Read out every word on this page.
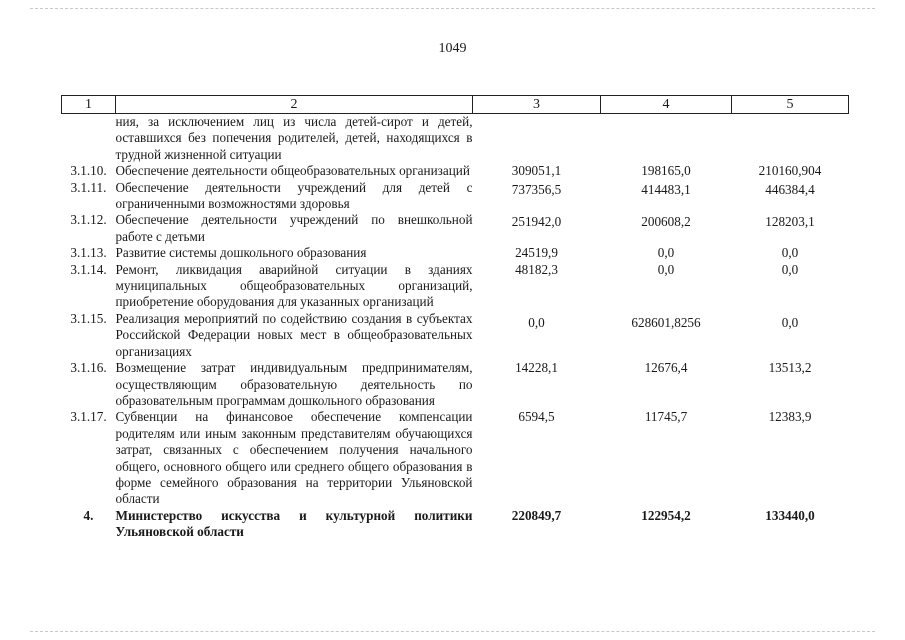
1049
1	2	3	4	5
	ния, за исключением лиц из числа детей-сирот и детей, оставшихся без попечения родителей, детей, находящихся в трудной жизненной ситуации			
3.1.10.	Обеспечение деятельности общеобразовательных организаций	309051,1	198165,0	210160,904
3.1.11.	Обеспечение деятельности учреждений для детей с ограниченными возможностями здоровья	737356,5	414483,1	446384,4
3.1.12.	Обеспечение деятельности учреждений по внешкольной работе с детьми	251942,0	200608,2	128203,1
3.1.13.	Развитие системы дошкольного образования	24519,9	0,0	0,0
3.1.14.	Ремонт, ликвидация аварийной ситуации в зданиях муниципальных общеобразовательных организаций, приобретение оборудования для указанных организаций	48182,3	0,0	0,0
3.1.15.	Реализация мероприятий по содействию создания в субъектах Российской Федерации новых мест в общеобразовательных организациях	0,0	628601,8256	0,0
3.1.16.	Возмещение затрат индивидуальным предпринимателям, осуществляющим образовательную деятельность по образовательным программам дошкольного образования	14228,1	12676,4	13513,2
3.1.17.	Субвенции на финансовое обеспечение компенсации родителям или иным законным представителям обучающихся затрат, связанных с обеспечением получения начального общего, основного общего или среднего общего образования в форме семейного образования на территории Ульяновской области	6594,5	11745,7	12383,9
4.	Министерство искусства и культурной политики Ульяновской области	220849,7	122954,2	133440,0
